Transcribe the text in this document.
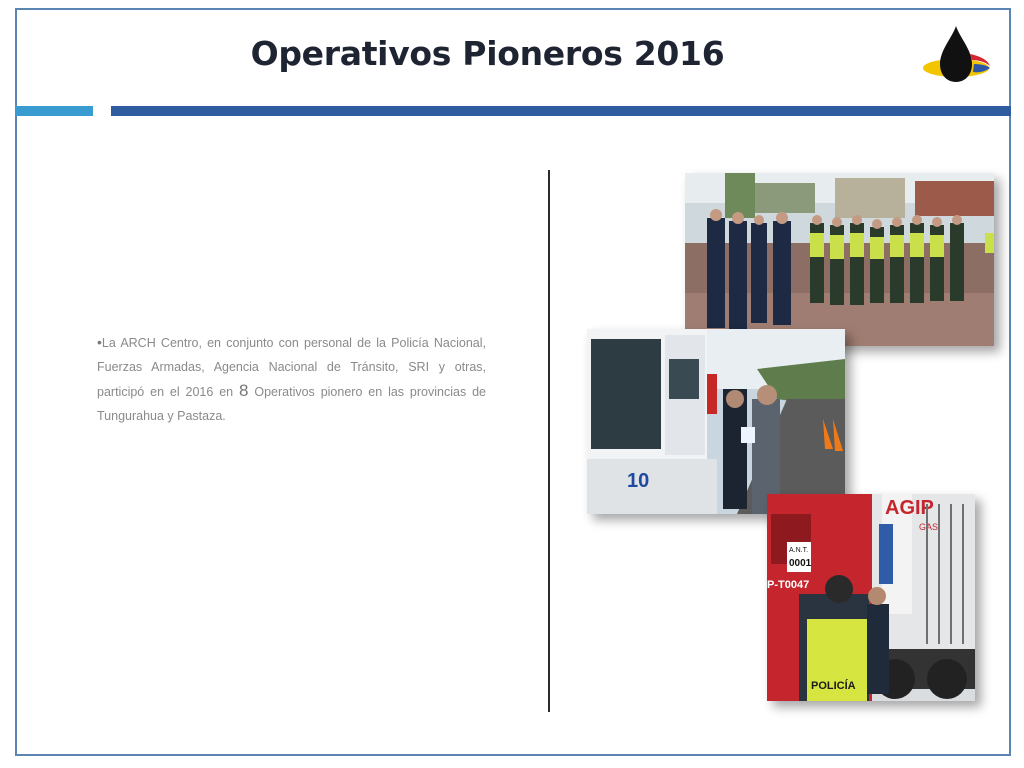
Operativos Pioneros 2016
•La ARCH Centro, en conjunto con personal de la Policía Nacional, Fuerzas Armadas, Agencia Nacional de Tránsito, SRI y otras, participó en el 2016 en 8 Operativos pionero en las provincias de Tungurahua y Pastaza.
10
A.N.T.
0001
P-T0047
AGIP
GAS
POLICÍA
